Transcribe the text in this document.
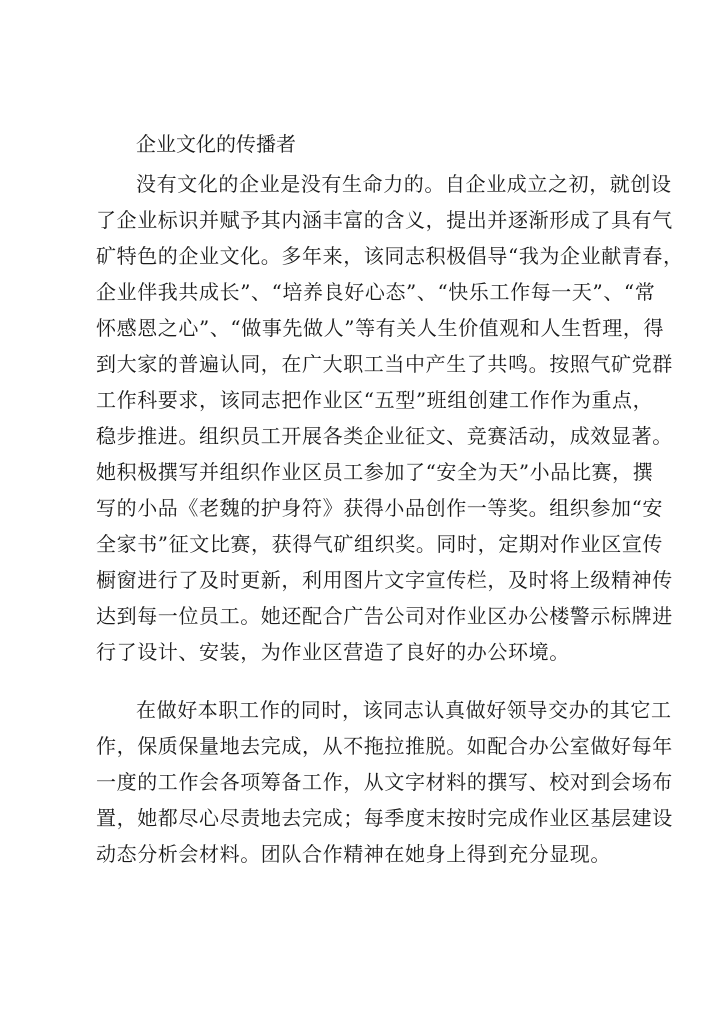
企业文化的传播者
没有文化的企业是没有生命力的。自企业成立之初，就创设
了企业标识并赋予其内涵丰富的含义，提出并逐渐形成了具有气
矿特色的企业文化。多年来，该同志积极倡导“我为企业献青春，
企业伴我共成长”、“培养良好心态”、“快乐工作每一天”、“常
怀感恩之心”、“做事先做人”等有关人生价值观和人生哲理，得
到大家的普遍认同，在广大职工当中产生了共鸣。按照气矿党群
工作科要求，该同志把作业区“五型”班组创建工作作为重点，
稳步推进。组织员工开展各类企业征文、竞赛活动，成效显著。
她积极撰写并组织作业区员工参加了“安全为天”小品比赛，撰
写的小品《老魏的护身符》获得小品创作一等奖。组织参加“安
全家书”征文比赛，获得气矿组织奖。同时，定期对作业区宣传
橱窗进行了及时更新，利用图片文字宣传栏，及时将上级精神传
达到每一位员工。她还配合广告公司对作业区办公楼警示标牌进
行了设计、安装，为作业区营造了良好的办公环境。
在做好本职工作的同时，该同志认真做好领导交办的其它工
作，保质保量地去完成，从不拖拉推脱。如配合办公室做好每年
一度的工作会各项筹备工作，从文字材料的撰写、校对到会场布
置，她都尽心尽责地去完成；每季度末按时完成作业区基层建设
动态分析会材料。团队合作精神在她身上得到充分显现。
